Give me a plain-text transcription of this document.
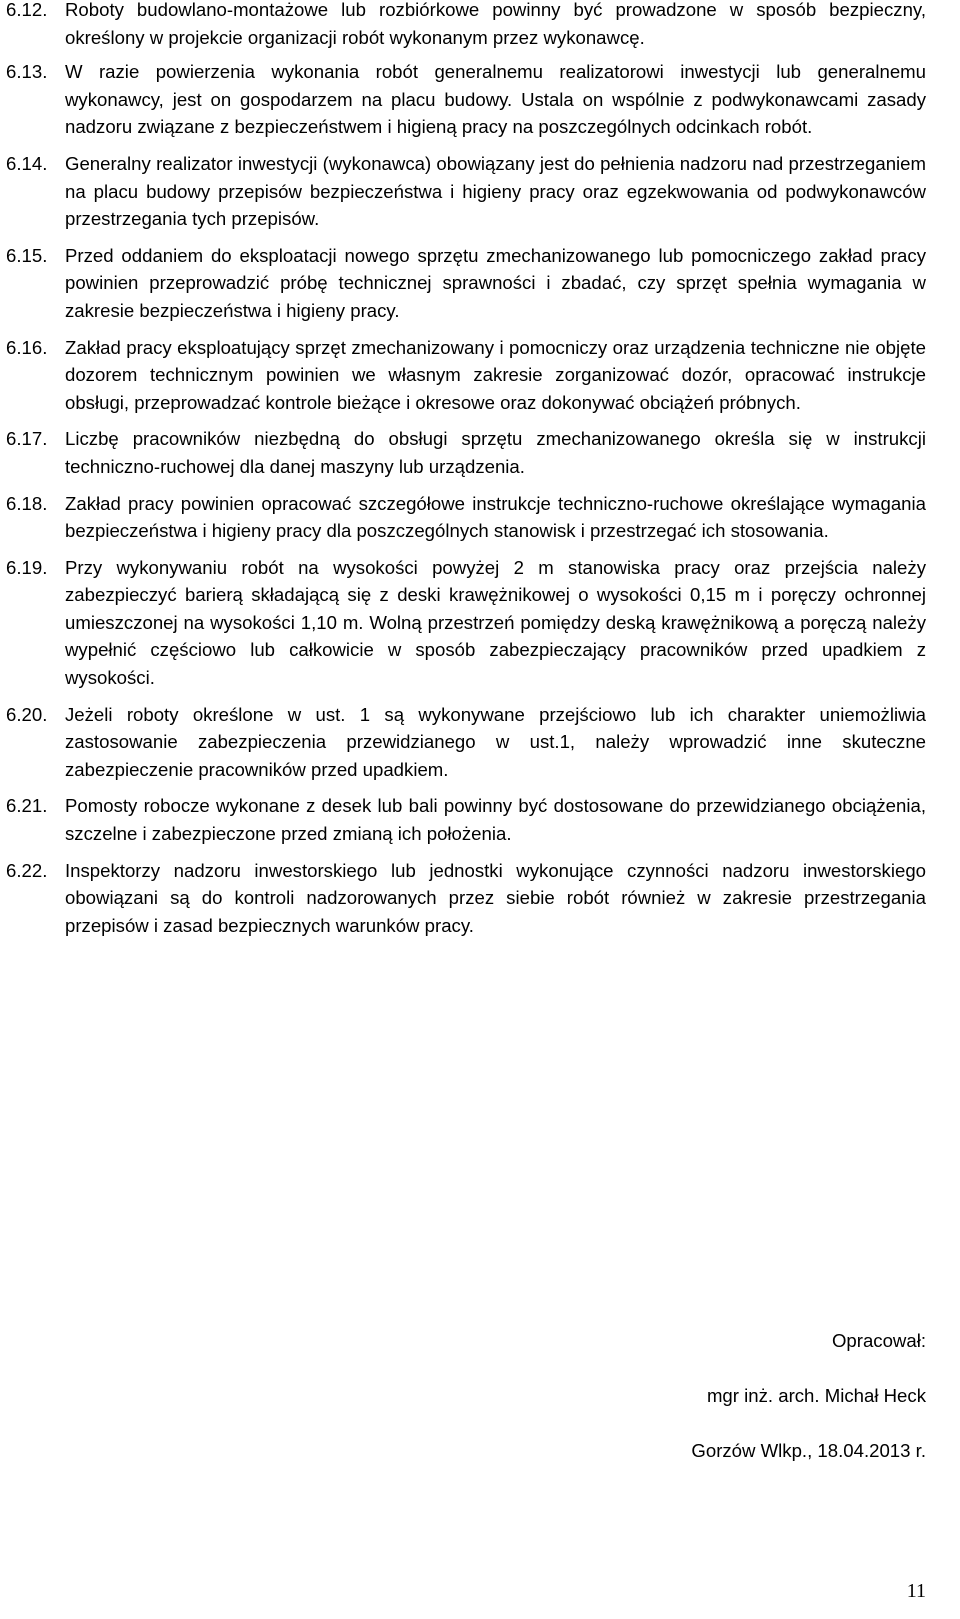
6.12. Roboty budowlano-montażowe lub rozbiórkowe powinny być prowadzone w sposób bezpieczny, określony w projekcie organizacji robót wykonanym przez wykonawcę.
6.13. W razie powierzenia wykonania robót generalnemu realizatorowi inwestycji lub generalnemu wykonawcy, jest on gospodarzem na placu budowy. Ustala on wspólnie z podwykonawcami zasady nadzoru związane z bezpieczeństwem i higieną pracy na poszczególnych odcinkach robót.
6.14. Generalny realizator inwestycji (wykonawca) obowiązany jest do pełnienia nadzoru nad przestrzeganiem na placu budowy przepisów bezpieczeństwa i higieny pracy oraz egzekwowania od podwykonawców przestrzegania tych przepisów.
6.15. Przed oddaniem do eksploatacji nowego sprzętu zmechanizowanego lub pomocniczego zakład pracy powinien przeprowadzić próbę technicznej sprawności i zbadać, czy sprzęt spełnia wymagania w zakresie bezpieczeństwa i higieny pracy.
6.16. Zakład pracy eksploatujący sprzęt zmechanizowany i pomocniczy oraz urządzenia techniczne nie objęte dozorem technicznym powinien we własnym zakresie zorganizować dozór, opracować instrukcje obsługi, przeprowadzać kontrole bieżące i okresowe oraz dokonywać obciążeń próbnych.
6.17. Liczbę pracowników niezbędną do obsługi sprzętu zmechanizowanego określa się w instrukcji techniczno-ruchowej dla danej maszyny lub urządzenia.
6.18. Zakład pracy powinien opracować szczegółowe instrukcje techniczno-ruchowe określające wymagania bezpieczeństwa i higieny pracy dla poszczególnych stanowisk i przestrzegać ich stosowania.
6.19. Przy wykonywaniu robót na wysokości powyżej 2 m stanowiska pracy oraz przejścia należy zabezpieczyć barierą składającą się z deski krawężnikowej o wysokości 0,15 m i poręczy ochronnej umieszczonej na wysokości 1,10 m. Wolną przestrzeń pomiędzy deską krawężnikową a poręczą należy wypełnić częściowo lub całkowicie w sposób zabezpieczający pracowników przed upadkiem z wysokości.
6.20. Jeżeli roboty określone w ust. 1 są wykonywane przejściowo lub ich charakter uniemożliwia zastosowanie zabezpieczenia przewidzianego w ust.1, należy wprowadzić inne skuteczne zabezpieczenie pracowników przed upadkiem.
6.21. Pomosty robocze wykonane z desek lub bali powinny być dostosowane do przewidzianego obciążenia, szczelne i zabezpieczone przed zmianą ich położenia.
6.22. Inspektorzy nadzoru inwestorskiego lub jednostki wykonujące czynności nadzoru inwestorskiego obowiązani są do kontroli nadzorowanych przez siebie robót również w zakresie przestrzegania przepisów i zasad bezpiecznych warunków pracy.
Opracował:
mgr inż. arch. Michał Heck
Gorzów Wlkp., 18.04.2013 r.
11
